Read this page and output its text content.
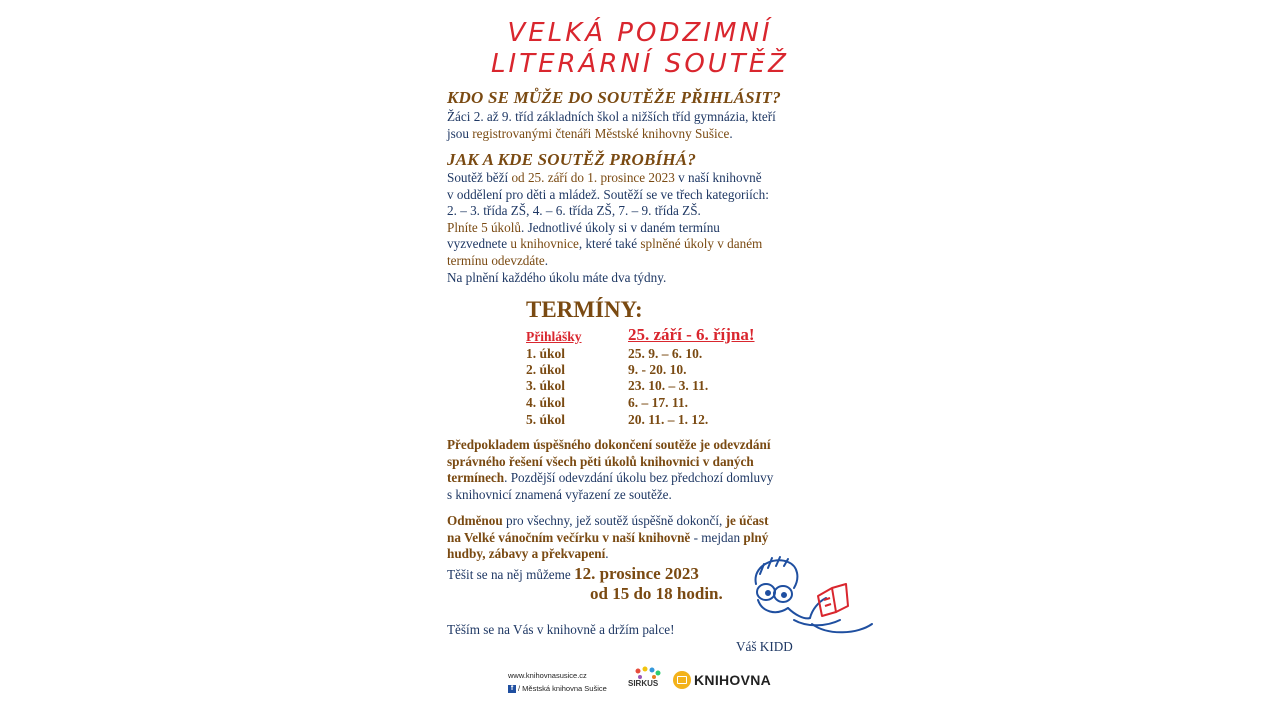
VELKÁ PODZIMNÍ
LITERÁRNÍ SOUTĚŽ
KDO SE MŮŽE DO SOUTĚŽE PŘIHLÁSIT?
Žáci 2. až 9. tříd základních škol a nižších tříd gymnázia, kteří
jsou registrovanými čtenáři Městské knihovny Sušice.
JAK A KDE SOUTĚŽ PROBÍHÁ?
Soutěž běží od 25. září do 1. prosince 2023 v naší knihovně
v oddělení pro děti a mládež. Soutěží se ve třech kategoriích:
2. – 3. třída ZŠ, 4. – 6. třída ZŠ, 7. – 9. třída ZŠ.
Plníte 5 úkolů. Jednotlivé úkoly si v daném termínu
vyzvednete u knihovnice, které také splněné úkoly v daném
termínu odevzdáte.
Na plnění každého úkolu máte dva týdny.
TERMÍNY:
Přihlášky	25. září - 6. října!
1. úkol	25. 9. – 6. 10.
2. úkol	9. - 20. 10.
3. úkol	23. 10. – 3. 11.
4. úkol	6. – 17. 11.
5. úkol	20. 11. – 1. 12.
Předpokladem úspěšného dokončení soutěže je odevzdání
správného řešení všech pěti úkolů knihovnici v daných
termínech. Pozdější odevzdání úkolu bez předchozí domluvy
s knihovnicí znamená vyřazení ze soutěže.
Odměnou pro všechny, jež soutěž úspěšně dokončí, je účast
na Velké vánočním večírku v naší knihovně - mejdan plný
hudby, zábavy a překvapení.
Těšit se na něj můžeme 12. prosince 2023
od 15 do 18 hodin.
Těším se na Vás v knihovně a držím palce!
Váš KIDD
www.knihovnasusice.cz
f / Městská knihovna Sušice
SIRKUS	KNIHOVNA
